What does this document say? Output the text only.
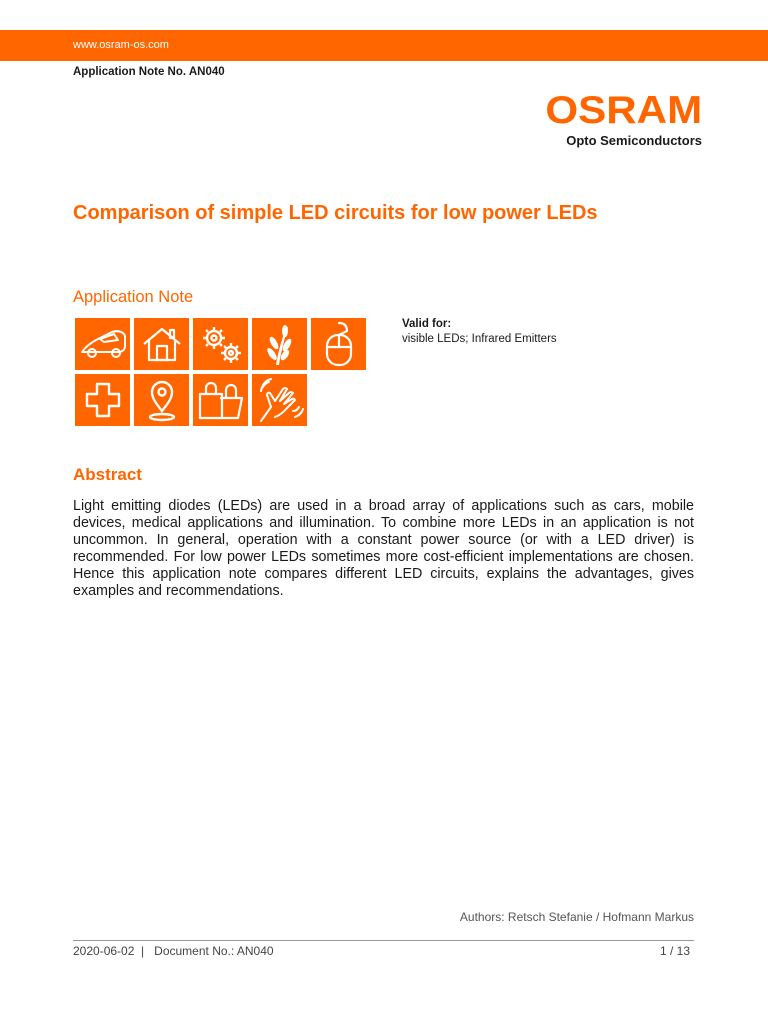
www.osram-os.com
Application Note No. AN040
OSRAM
Opto Semiconductors
Comparison of simple LED circuits for low power LEDs
Application Note
Valid for:
visible LEDs; Infrared Emitters
Abstract

Light emitting diodes (LEDs) are used in a broad array of applications such as cars, mobile devices, medical applications and illumination. To combine more LEDs in an application is not uncommon. In general, operation with a constant power source (or with a LED driver) is recommended. For low power LEDs sometimes more cost-efficient implementations are chosen. Hence this application note compares different LED circuits, explains the advantages, gives examples and recommendations.

Authors: Retsch Stefanie / Hofmann Markus
2020-06-02  |   Document No.: AN040	1 / 13
